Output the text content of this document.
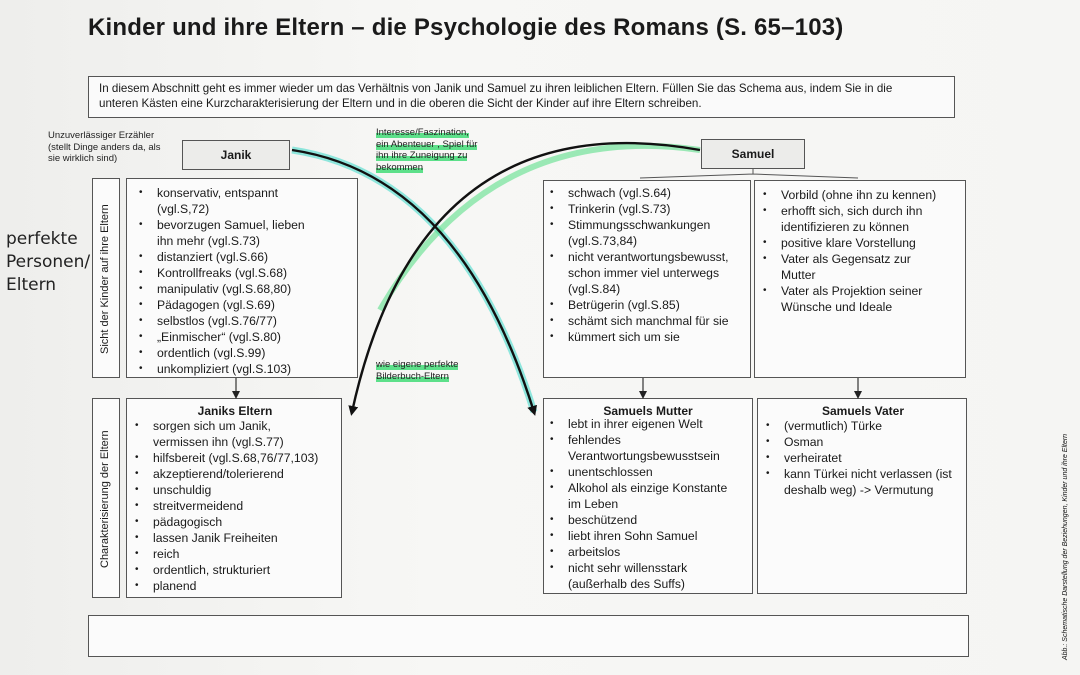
Kinder und ihre Eltern – die Psychologie des Romans (S. 65–103)
In diesem Abschnitt geht es immer wieder um das Verhältnis von Janik und Samuel zu ihren leiblichen Eltern. Füllen Sie das Schema aus, indem Sie in die
unteren Kästen eine Kurzcharakterisierung der Eltern und in die oberen die Sicht der Kinder auf ihre Eltern schreiben.
Unzuverlässiger Erzähler
(stellt Dinge anders da, als
sie wirklich sind)
Interesse/Faszination,
ein Abenteuer , Spiel für
ihn ihre Zuneigung zu
bekommen
wie eigene perfekte
Bilderbuch-Eltern
perfekte
Personen/
Eltern
Janik	Samuel
Sicht der Kinder auf ihre Eltern
Charakterisierung der Eltern
• konservativ, entspannt
(vgl.S,72)
• bevorzugen Samuel, lieben
ihn mehr (vgl.S.73)
• distanziert (vgl.S.66)
• Kontrollfreaks (vgl.S.68)
• manipulativ (vgl.S.68,80)
• Pädagogen (vgl.S.69)
• selbstlos (vgl.S.76/77)
• „Einmischer“ (vgl.S.80)
• ordentlich (vgl.S.99)
• unkompliziert (vgl.S.103)
• schwach (vgl.S.64)
• Trinkerin (vgl.S.73)
• Stimmungsschwankungen
(vgl.S.73,84)
• nicht verantwortungsbewusst,
schon immer viel unterwegs
(vgl.S.84)
• Betrügerin (vgl.S.85)
• schämt sich manchmal für sie
• kümmert sich um sie
• Vorbild (ohne ihn zu kennen)
• erhofft sich, sich durch ihn
identifizieren zu können
• positive klare Vorstellung
• Vater als Gegensatz zur
Mutter
• Vater als Projektion seiner
Wünsche und Ideale
Janiks Eltern
• sorgen sich um Janik,
vermissen ihn (vgl.S.77)
• hilfsbereit (vgl.S.68,76/77,103)
• akzeptierend/tolerierend
• unschuldig
• streitvermeidend
• pädagogisch
• lassen Janik Freiheiten
• reich
• ordentlich, strukturiert
• planend
Samuels Mutter
• lebt in ihrer eigenen Welt
• fehlendes
Verantwortungsbewusstsein
• unentschlossen
• Alkohol als einzige Konstante
im Leben
• beschützend
• liebt ihren Sohn Samuel
• arbeitslos
• nicht sehr willensstark
(außerhalb des Suffs)
Samuels Vater
• (vermutlich) Türke
• Osman
• verheiratet
• kann Türkei nicht verlassen (ist
deshalb weg) -> Vermutung	Abb.: Schematische Darstellung der Beziehungen, Kinder und ihre Eltern
